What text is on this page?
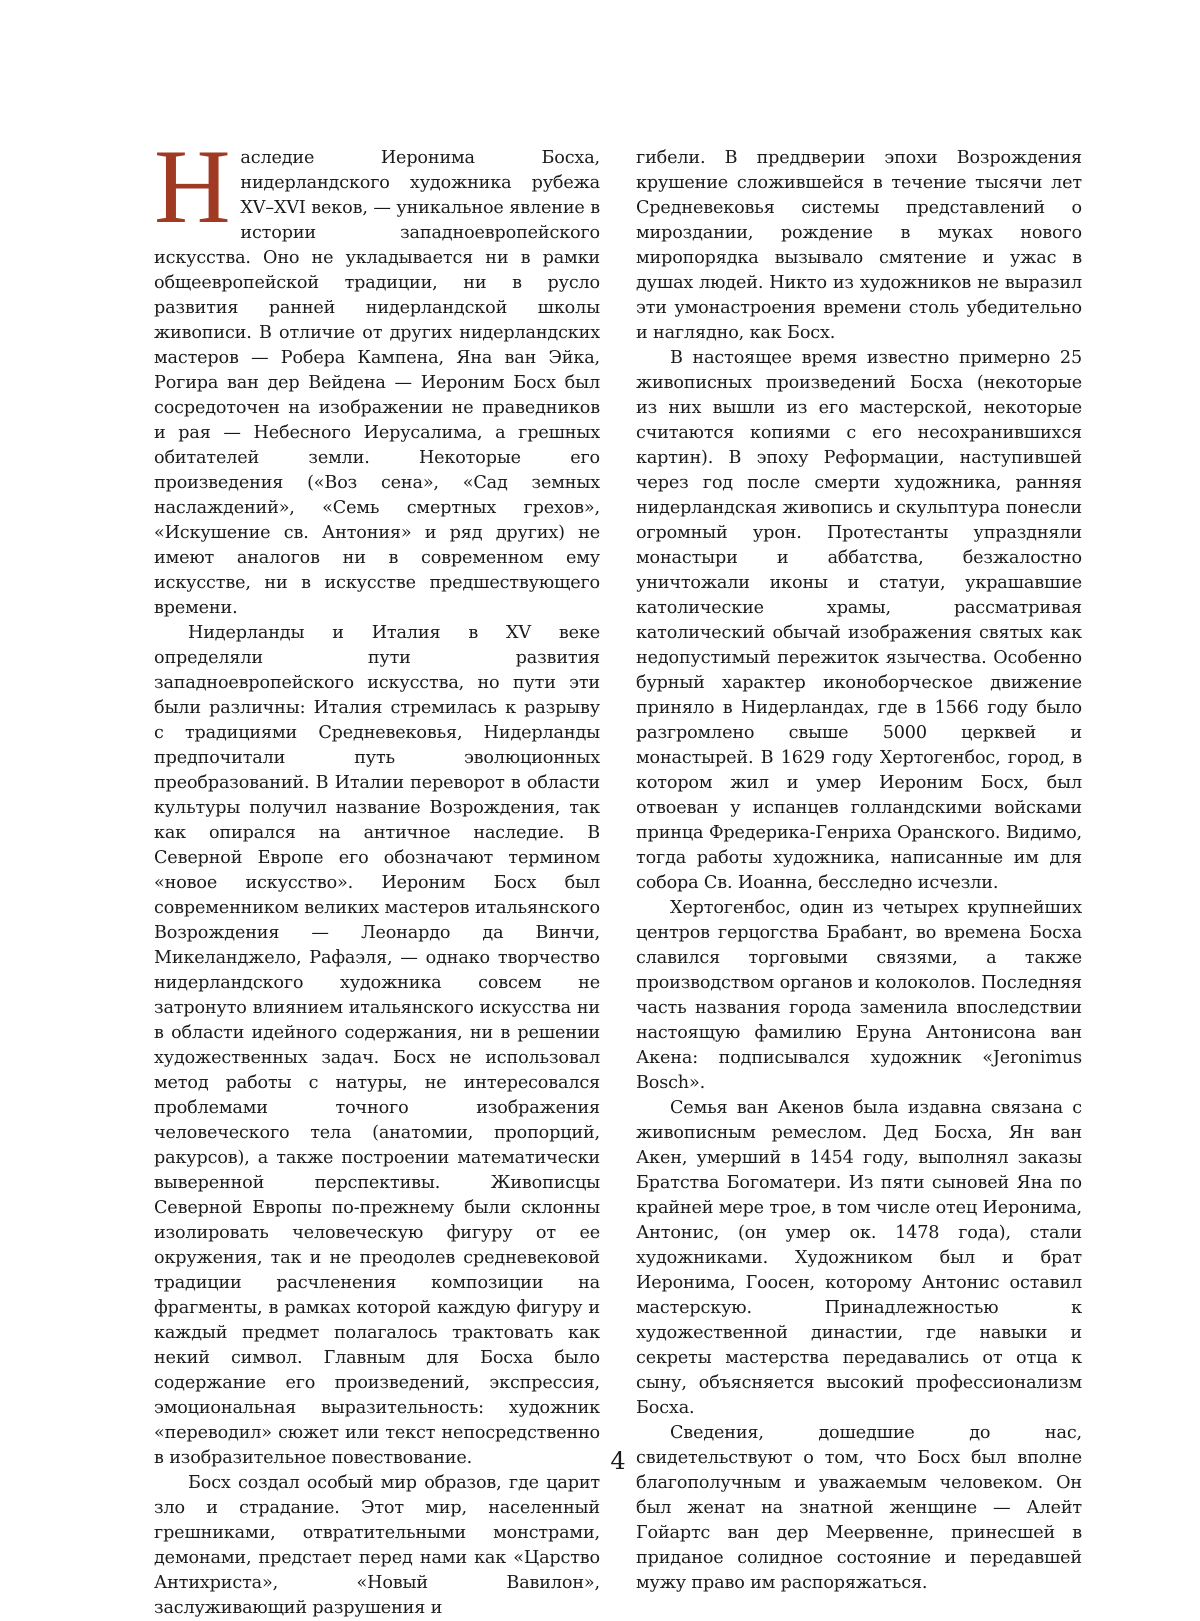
Наследие Иеронима Босха, нидерландского художника рубежа XV–XVI веков, — уникальное явление в истории западноевропейского искусства. Оно не укладывается ни в рамки общеевропейской традиции, ни в русло развития ранней нидерландской школы живописи. В отличие от других нидерландских мастеров — Робера Кампена, Яна ван Эйка, Рогира ван дер Вейдена — Иероним Босх был сосредоточен на изображении не праведников и рая — Небесного Иерусалима, а грешных обитателей земли. Некоторые его произведения («Воз сена», «Сад земных наслаждений», «Семь смертных грехов», «Искушение св. Антония» и ряд других) не имеют аналогов ни в современном ему искусстве, ни в искусстве предшествующего времени.

Нидерланды и Италия в XV веке определяли пути развития западноевропейского искусства, но пути эти были различны: Италия стремилась к разрыву с традициями Средневековья, Нидерланды предпочитали путь эволюционных преобразований. В Италии переворот в области культуры получил название Возрождения, так как опирался на античное наследие. В Северной Европе его обозначают термином «новое искусство». Иероним Босх был современником великих мастеров итальянского Возрождения — Леонардо да Винчи, Микеланджело, Рафаэля, — однако творчество нидерландского художника совсем не затронуто влиянием итальянского искусства ни в области идейного содержания, ни в решении художественных задач. Босх не использовал метод работы с натуры, не интересовался проблемами точного изображения человеческого тела (анатомии, пропорций, ракурсов), а также построении математически выверенной перспективы. Живописцы Северной Европы по-прежнему были склонны изолировать человеческую фигуру от ее окружения, так и не преодолев средневековой традиции расчленения композиции на фрагменты, в рамках которой каждую фигуру и каждый предмет полагалось трактовать как некий символ. Главным для Босха было содержание его произведений, экспрессия, эмоциональная выразительность: художник «переводил» сюжет или текст непосредственно в изобразительное повествование.

Босх создал особый мир образов, где царит зло и страдание. Этот мир, населенный грешниками, отвратительными монстрами, демонами, предстает перед нами как «Царство Антихриста», «Новый Вавилон», заслуживающий разрушения и

гибели. В преддверии эпохи Возрождения крушение сложившейся в течение тысячи лет Средневековья системы представлений о мироздании, рождение в муках нового миропорядка вызывало смятение и ужас в душах людей. Никто из художников не выразил эти умонастроения времени столь убедительно и наглядно, как Босх.

В настоящее время известно примерно 25 живописных произведений Босха (некоторые из них вышли из его мастерской, некоторые считаются копиями с его несохранившихся картин). В эпоху Реформации, наступившей через год после смерти художника, ранняя нидерландская живопись и скульптура понесли огромный урон. Протестанты упраздняли монастыри и аббатства, безжалостно уничтожали иконы и статуи, украшавшие католические храмы, рассматривая католический обычай изображения святых как недопустимый пережиток язычества. Особенно бурный характер иконоборческое движение приняло в Нидерландах, где в 1566 году было разгромлено свыше 5000 церквей и монастырей. В 1629 году Хертогенбос, город, в котором жил и умер Иероним Босх, был отвоеван у испанцев голландскими войсками принца Фредерика-Генриха Оранского. Видимо, тогда работы художника, написанные им для собора Св. Иоанна, бесследно исчезли.

Хертогенбос, один из четырех крупнейших центров герцогства Брабант, во времена Босха славился торговыми связями, а также производством органов и колоколов. Последняя часть названия города заменила впоследствии настоящую фамилию Еруна Антонисона ван Акена: подписывался художник «Jeronimus Bosch».

Семья ван Акенов была издавна связана с живописным ремеслом. Дед Босха, Ян ван Акен, умерший в 1454 году, выполнял заказы Братства Богоматери. Из пяти сыновей Яна по крайней мере трое, в том числе отец Иеронима, Антонис, (он умер ок. 1478 года), стали художниками. Художником был и брат Иеронима, Гоосен, которому Антонис оставил мастерскую. Принадлежностью к художественной династии, где навыки и секреты мастерства передавались от отца к сыну, объясняется высокий профессионализм Босха.

Сведения, дошедшие до нас, свидетельствуют о том, что Босх был вполне благополучным и уважаемым человеком. Он был женат на знатной женщине — Алейт Гойартс ван дер Меервенне, принесшей в приданое солидное состояние и передавшей мужу право им распоряжаться.

4
